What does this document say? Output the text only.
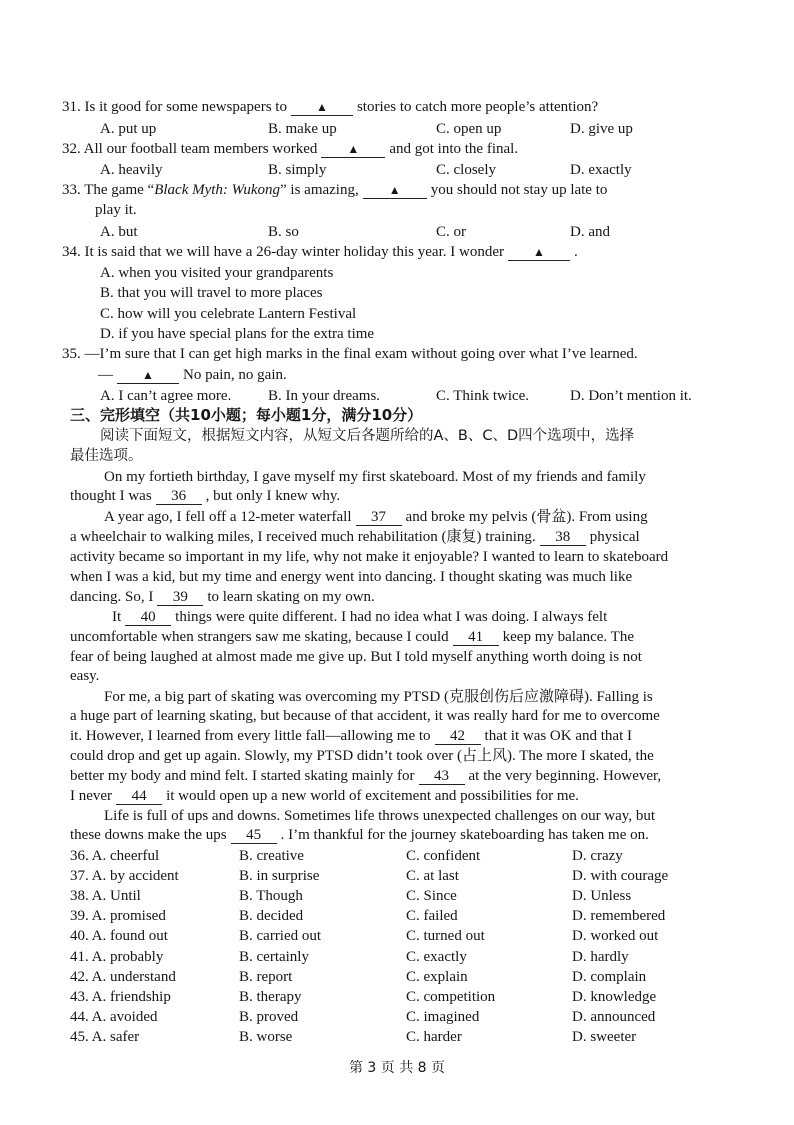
31. Is it good for some newspapers to ▲ stories to catch more people’s attention?
A. put up	B. make up	C. open up	D. give up
32. All our football team members worked	▲ and got into the final.
A. heavily	B. simply	C. closely	D. exactly
33. The game “Black Myth: Wukong” is amazing,	▲ you should not stay up late to
play it.
A. but	B. so	C. or	D. and
34. It is said that we will have a 26-day winter holiday this year. I wonder ▲ .
A. when you visited your grandparents
B. that you will travel to more places
C. how will you celebrate Lantern Festival
D. if you have special plans for the extra time
35. —I’m sure that I can get high marks in the final exam without going over what I’ve learned.
— ▲ No pain, no gain.
A. I can’t agree more. B. In your dreams.	C. Think twice.	D. Don’t mention it.
三、完形填空（共10小题；每小题1分，满分10分）
阅读下面短文，根据短文内容，从短文后各题所给的A、B、C、D四个选项中，选择
最佳选项。
On my fortieth birthday, I gave myself my first skateboard. Most of my friends and family
thought I was 36 , but only I knew why.
A year ago, I fell off a 12-meter waterfall 37 and broke my pelvis (骨盆). From using
a wheelchair to walking miles, I received much rehabilitation (康复) training. 38 physical
activity became so important in my life, why not make it enjoyable? I wanted to learn to skateboard
when I was a kid, but my time and energy went into dancing. I thought skating was much like
dancing. So, I 39 to learn skating on my own.
It 40 things were quite different. I had no idea what I was doing. I always felt
uncomfortable when strangers saw me skating, because I could 41 keep my balance. The
fear of being laughed at almost made me give up. But I told myself anything worth doing is not
easy.
For me, a big part of skating was overcoming my PTSD (克服创伤后应激障碍). Falling is
a huge part of learning skating, but because of that accident, it was really hard for me to overcome
it. However, I learned from every little fall—allowing me to 42 that it was OK and that I
could drop and get up again. Slowly, my PTSD didn’t took over (占上风). The more I skated, the
better my body and mind felt. I started skating mainly for 43 at the very beginning. However,
I never 44 it would open up a new world of excitement and possibilities for me.
Life is full of ups and downs. Sometimes life throws unexpected challenges on our way, but
these downs make the ups 45 . I’m thankful for the journey skateboarding has taken me on.
36. A. cheerful	B. creative	C. confident	D. crazy
37. A. by accident	B. in surprise	C. at last	D. with courage
38. A. Until	B. Though	C. Since	D. Unless
39. A. promised	B. decided	C. failed	D. remembered
40. A. found out	B. carried out	C. turned out	D. worked out
41. A. probably	B. certainly	C. exactly	D. hardly
42. A. understand	B. report	C. explain	D. complain
43. A. friendship	B. therapy	C. competition	D. knowledge
44. A. avoided	B. proved	C. imagined	D. announced
45. A. safer	B. worse	C. harder	D. sweeter
第 3 页 共 8 页
